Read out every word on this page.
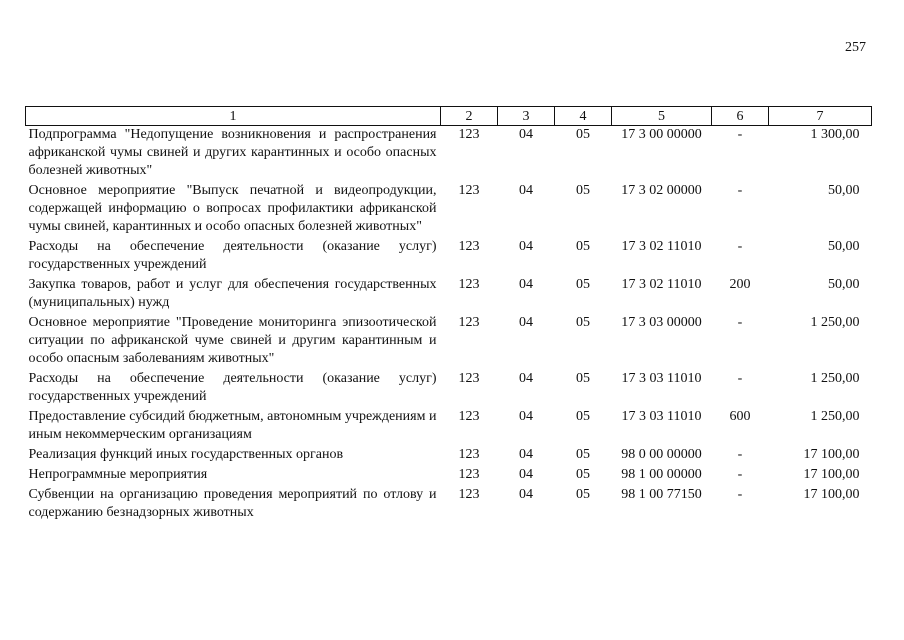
257
1	2	3	4	5	6	7
Подпрограмма "Недопущение возникновения и распространения африканской чумы свиней и других карантинных и особо опасных болезней животных"	123	04	05	17 3 00 00000	-	1 300,00
Основное мероприятие "Выпуск печатной и видеопродукции, содержащей информацию о вопросах профилактики африканской чумы свиней, карантинных и особо опасных болезней животных"	123	04	05	17 3 02 00000	-	50,00
Расходы на обеспечение деятельности (оказание услуг) государственных учреждений	123	04	05	17 3 02 11010	-	50,00
Закупка товаров, работ и услуг для обеспечения государственных (муниципальных) нужд	123	04	05	17 3 02 11010	200	50,00
Основное мероприятие "Проведение мониторинга эпизоотической ситуации по африканской чуме свиней и другим карантинным и особо опасным заболеваниям животных"	123	04	05	17 3 03 00000	-	1 250,00
Расходы на обеспечение деятельности (оказание услуг) государственных учреждений	123	04	05	17 3 03 11010	-	1 250,00
Предоставление субсидий бюджетным, автономным учреждениям и иным некоммерческим организациям	123	04	05	17 3 03 11010	600	1 250,00
Реализация функций иных государственных органов	123	04	05	98 0 00 00000	-	17 100,00
Непрограммные мероприятия	123	04	05	98 1 00 00000	-	17 100,00
Субвенции на организацию проведения мероприятий по отлову и содержанию безнадзорных животных	123	04	05	98 1 00 77150	-	17 100,00
